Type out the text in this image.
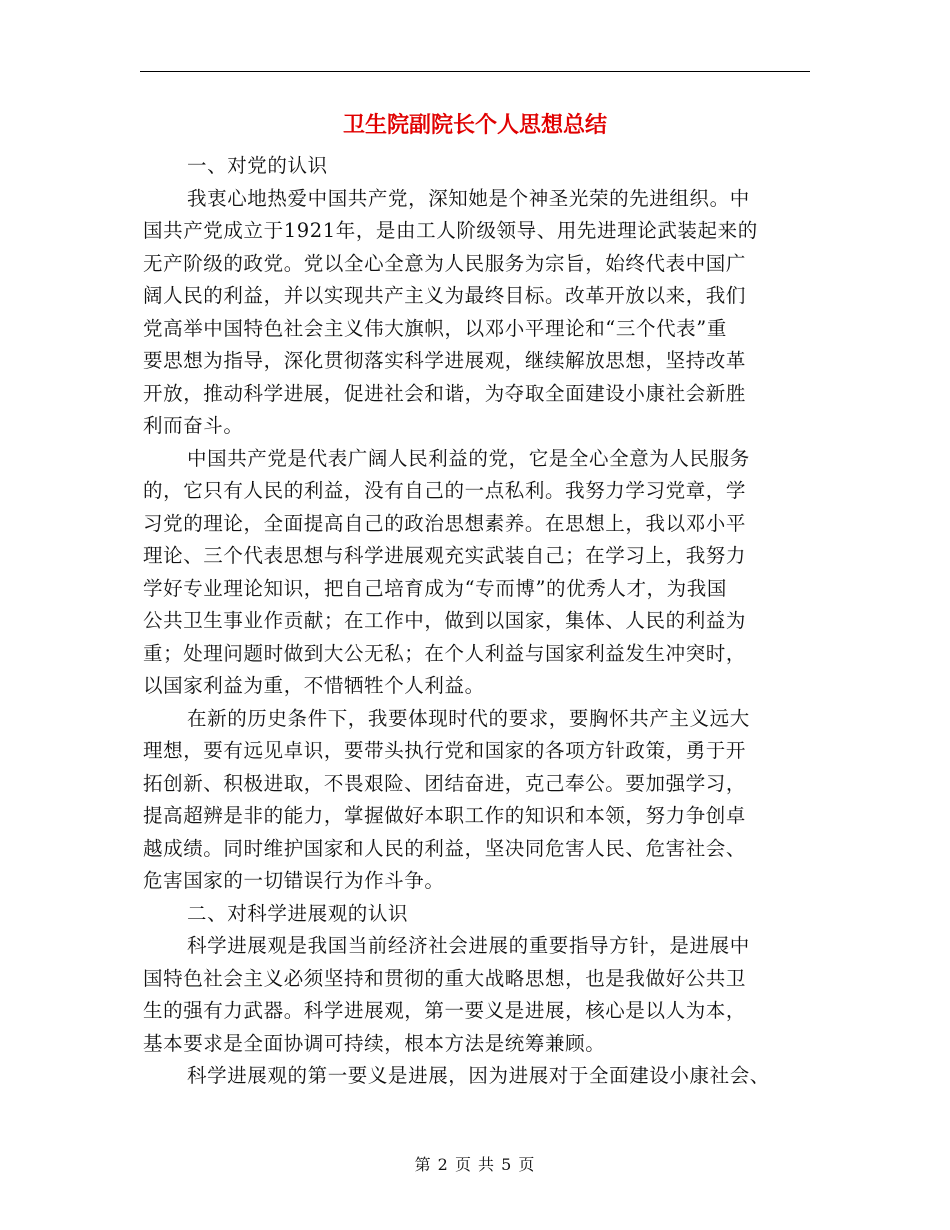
卫生院副院长个人思想总结
一、对党的认识
我衷心地热爱中国共产党，深知她是个神圣光荣的先进组织。中
国共产党成立于1921年，是由工人阶级领导、用先进理论武装起来的
无产阶级的政党。党以全心全意为人民服务为宗旨，始终代表中国广
阔人民的利益，并以实现共产主义为最终目标。改革开放以来，我们
党高举中国特色社会主义伟大旗帜，以邓小平理论和“三个代表”重
要思想为指导，深化贯彻落实科学进展观，继续解放思想，坚持改革
开放，推动科学进展，促进社会和谐，为夺取全面建设小康社会新胜
利而奋斗。
中国共产党是代表广阔人民利益的党，它是全心全意为人民服务
的，它只有人民的利益，没有自己的一点私利。我努力学习党章，学
习党的理论，全面提高自己的政治思想素养。在思想上，我以邓小平
理论、三个代表思想与科学进展观充实武装自己；在学习上，我努力
学好专业理论知识，把自己培育成为“专而博”的优秀人才，为我国
公共卫生事业作贡献；在工作中，做到以国家，集体、人民的利益为
重；处理问题时做到大公无私；在个人利益与国家利益发生冲突时，
以国家利益为重，不惜牺牲个人利益。
在新的历史条件下，我要体现时代的要求，要胸怀共产主义远大
理想，要有远见卓识，要带头执行党和国家的各项方针政策，勇于开
拓创新、积极进取，不畏艰险、团结奋进，克己奉公。要加强学习，
提高超辨是非的能力，掌握做好本职工作的知识和本领，努力争创卓
越成绩。同时维护国家和人民的利益，坚决同危害人民、危害社会、
危害国家的一切错误行为作斗争。
二、对科学进展观的认识
科学进展观是我国当前经济社会进展的重要指导方针，是进展中
国特色社会主义必须坚持和贯彻的重大战略思想，也是我做好公共卫
生的强有力武器。科学进展观，第一要义是进展，核心是以人为本，
基本要求是全面协调可持续，根本方法是统筹兼顾。
科学进展观的第一要义是进展，因为进展对于全面建设小康社会、
第 2 页 共 5 页
